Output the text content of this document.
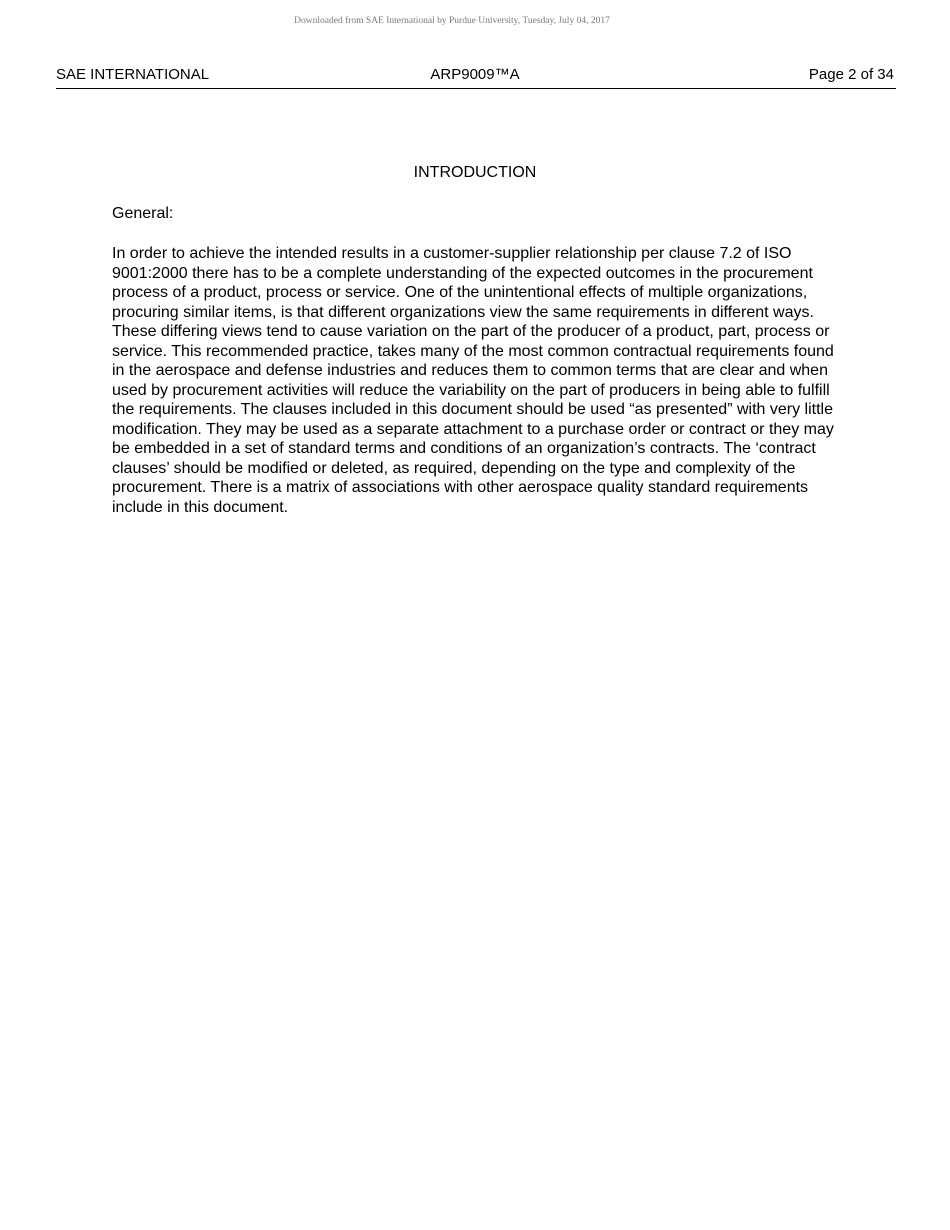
Downloaded from SAE International by Purdue University, Tuesday, July 04, 2017
SAE INTERNATIONAL	ARP9009™A	Page 2 of 34
INTRODUCTION
General:

In order to achieve the intended results in a customer-supplier relationship per clause 7.2 of ISO 9001:2000 there has to be a complete understanding of the expected outcomes in the procurement process of a product, process or service. One of the unintentional effects of multiple organizations, procuring similar items, is that different organizations view the same requirements in different ways. These differing views tend to cause variation on the part of the producer of a product, part, process or service. This recommended practice, takes many of the most common contractual requirements found in the aerospace and defense industries and reduces them to common terms that are clear and when used by procurement activities will reduce the variability on the part of producers in being able to fulfill the requirements. The clauses included in this document should be used “as presented” with very little modification. They may be used as a separate attachment to a purchase order or contract or they may be embedded in a set of standard terms and conditions of an organization’s contracts. The ‘contract clauses’ should be modified or deleted, as required, depending on the type and complexity of the procurement. There is a matrix of associations with other aerospace quality standard requirements include in this document.
